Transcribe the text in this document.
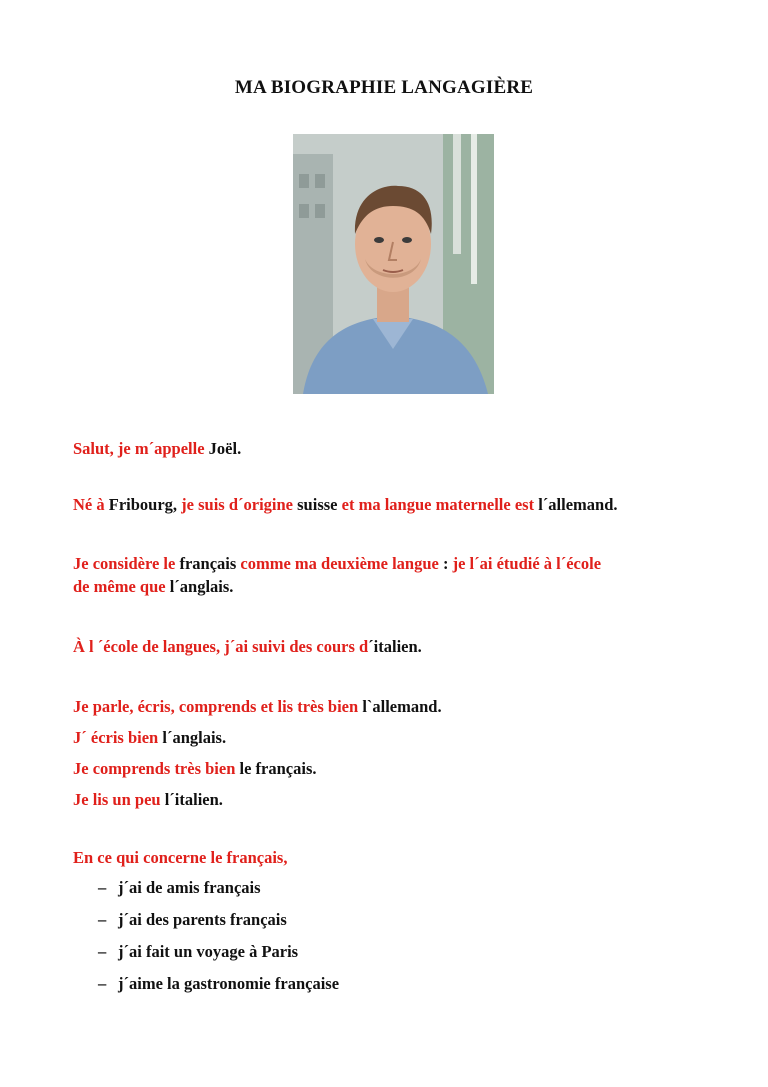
MA BIOGRAPHIE LANGAGIÈRE
Salut, je m´appelle Joël.
Né à Fribourg, je suis d´origine suisse et ma langue maternelle est l´allemand.
Je considère le français comme ma deuxième langue : je l´ai étudié à l´école
de même que l´anglais.
À l ´école de langues, j´ai suivi des cours d´italien.
Je parle, écris, comprends et lis très bien l`allemand.
J´ écris bien l´anglais.
Je comprends très bien le français.
Je lis un peu l´italien.
En ce qui concerne le français,
– j´ai de amis français
– j´ai des parents français
– j´ai fait un voyage à Paris
– j´aime la gastronomie française
